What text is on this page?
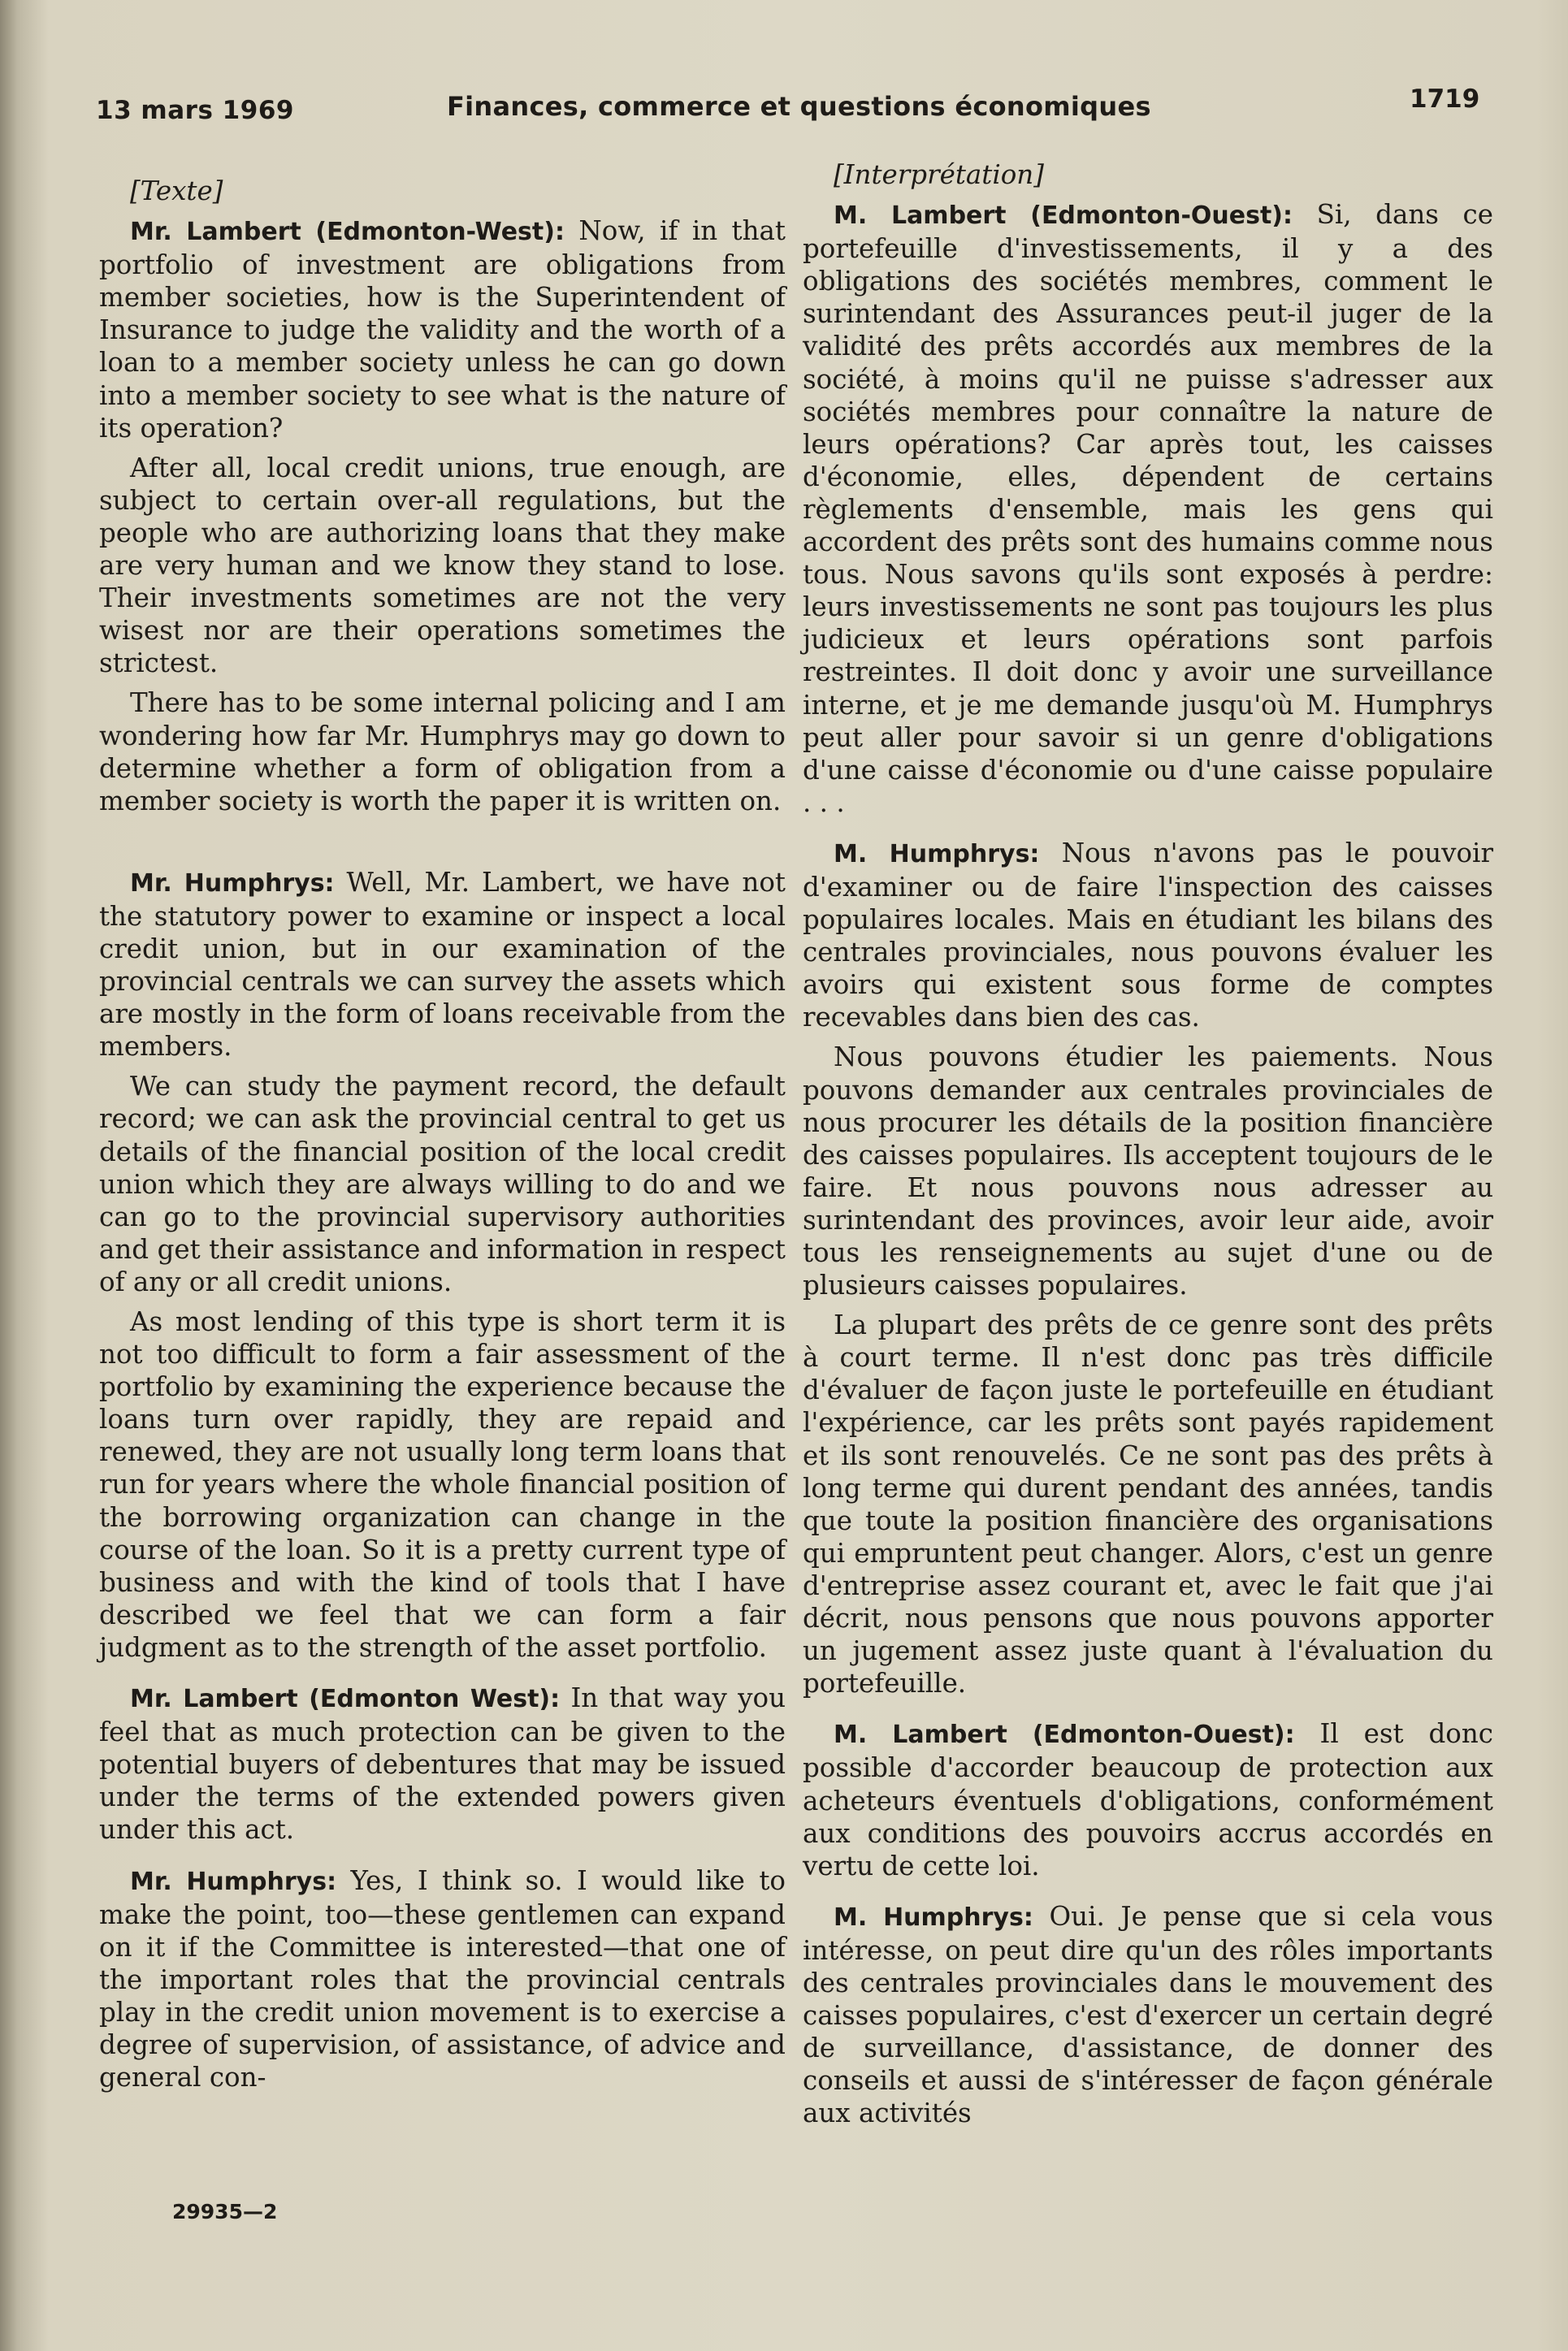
13 mars 1969	Finances, commerce et questions économiques	1719

[Texte]

Mr. Lambert (Edmonton-West): Now, if in that portfolio of investment are obligations from member societies, how is the Superintendent of Insurance to judge the validity and the worth of a loan to a member society unless he can go down into a member society to see what is the nature of its operation?

After all, local credit unions, true enough, are subject to certain over-all regulations, but the people who are authorizing loans that they make are very human and we know they stand to lose. Their investments sometimes are not the very wisest nor are their operations sometimes the strictest.

There has to be some internal policing and I am wondering how far Mr. Humphrys may go down to determine whether a form of obligation from a member society is worth the paper it is written on.

Mr. Humphrys: Well, Mr. Lambert, we have not the statutory power to examine or inspect a local credit union, but in our examination of the provincial centrals we can survey the assets which are mostly in the form of loans receivable from the members.

We can study the payment record, the default record; we can ask the provincial central to get us details of the financial position of the local credit union which they are always willing to do and we can go to the provincial supervisory authorities and get their assistance and information in respect of any or all credit unions.

As most lending of this type is short term it is not too difficult to form a fair assessment of the portfolio by examining the experience because the loans turn over rapidly, they are repaid and renewed, they are not usually long term loans that run for years where the whole financial position of the borrowing organization can change in the course of the loan. So it is a pretty current type of business and with the kind of tools that I have described we feel that we can form a fair judgment as to the strength of the asset portfolio.

Mr. Lambert (Edmonton West): In that way you feel that as much protection can be given to the potential buyers of debentures that may be issued under the terms of the extended powers given under this act.

Mr. Humphrys: Yes, I think so. I would like to make the point, too—these gentlemen can expand on it if the Committee is interested—that one of the important roles that the provincial centrals play in the credit union movement is to exercise a degree of supervision, of assistance, of advice and general con-

[Interprétation]

M. Lambert (Edmonton-Ouest): Si, dans ce portefeuille d'investissements, il y a des obligations des sociétés membres, comment le surintendant des Assurances peut-il juger de la validité des prêts accordés aux membres de la société, à moins qu'il ne puisse s'adresser aux sociétés membres pour connaître la nature de leurs opérations? Car après tout, les caisses d'économie, elles, dépendent de certains règlements d'ensemble, mais les gens qui accordent des prêts sont des humains comme nous tous. Nous savons qu'ils sont exposés à perdre: leurs investissements ne sont pas toujours les plus judicieux et leurs opérations sont parfois restreintes. Il doit donc y avoir une surveillance interne, et je me demande jusqu'où M. Humphrys peut aller pour savoir si un genre d'obligations d'une caisse d'économie ou d'une caisse populaire . . .

M. Humphrys: Nous n'avons pas le pouvoir d'examiner ou de faire l'inspection des caisses populaires locales. Mais en étudiant les bilans des centrales provinciales, nous pouvons évaluer les avoirs qui existent sous forme de comptes recevables dans bien des cas.

Nous pouvons étudier les paiements. Nous pouvons demander aux centrales provinciales de nous procurer les détails de la position financière des caisses populaires. Ils acceptent toujours de le faire. Et nous pouvons nous adresser au surintendant des provinces, avoir leur aide, avoir tous les renseignements au sujet d'une ou de plusieurs caisses populaires.

La plupart des prêts de ce genre sont des prêts à court terme. Il n'est donc pas très difficile d'évaluer de façon juste le portefeuille en étudiant l'expérience, car les prêts sont payés rapidement et ils sont renouvelés. Ce ne sont pas des prêts à long terme qui durent pendant des années, tandis que toute la position financière des organisations qui empruntent peut changer. Alors, c'est un genre d'entreprise assez courant et, avec le fait que j'ai décrit, nous pensons que nous pouvons apporter un jugement assez juste quant à l'évaluation du portefeuille.

M. Lambert (Edmonton-Ouest): Il est donc possible d'accorder beaucoup de protection aux acheteurs éventuels d'obligations, conformément aux conditions des pouvoirs accrus accordés en vertu de cette loi.

M. Humphrys: Oui. Je pense que si cela vous intéresse, on peut dire qu'un des rôles importants des centrales provinciales dans le mouvement des caisses populaires, c'est d'exercer un certain degré de surveillance, d'assistance, de donner des conseils et aussi de s'intéresser de façon générale aux activités

29935—2
